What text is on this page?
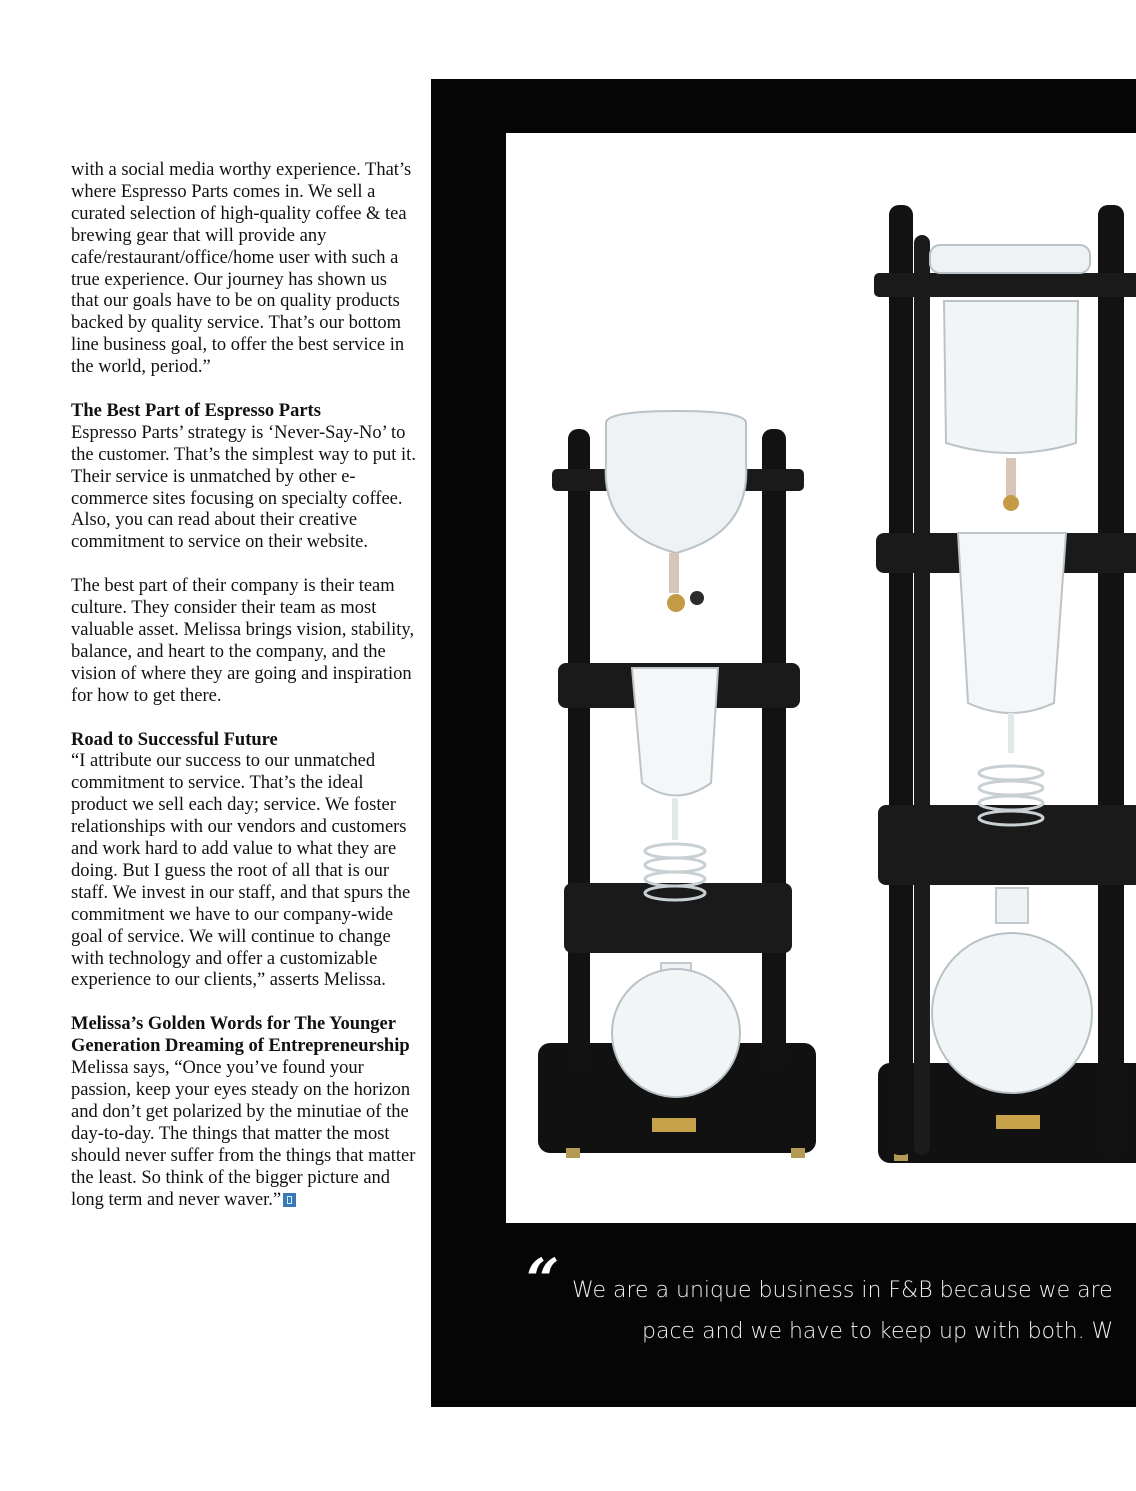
with a social media worthy experience. That’s where Espresso Parts comes in. We sell a curated selection of high-quality coffee & tea brewing gear that will provide any cafe/restaurant/office/home user with such a true experience. Our journey has shown us that our goals have to be on quality products backed by quality service. That’s our bottom line business goal, to offer the best service in the world, period.”

The Best Part of Espresso Parts
Espresso Parts’ strategy is ‘Never-Say-No’ to the customer. That’s the simplest way to put it. Their service is unmatched by other e-commerce sites focusing on specialty coffee. Also, you can read about their creative commitment to service on their website.

The best part of their company is their team culture. They consider their team as most valuable asset. Melissa brings vision, stability, balance, and heart to the company, and the vision of where they are going and inspiration for how to get there.

Road to Successful Future
“I attribute our success to our unmatched commitment to service. That’s the ideal product we sell each day; service. We foster relationships with our vendors and customers and work hard to add value to what they are doing. But I guess the root of all that is our staff. We invest in our staff, and that spurs the commitment we have to our company-wide goal of service. We will continue to change with technology and offer a customizable experience to our clients,” asserts Melissa.

Melissa’s Golden Words for The Younger Generation Dreaming of Entrepreneurship
Melissa says, “Once you’ve found your passion, keep your eyes steady on the horizon and don’t get polarized by the minutiae of the day-to-day. The things that matter the most should never suffer from the things that matter the least. So think of the bigger picture and long term and never waver.”

“ We are a unique business in F&B because we are
pace and we have to keep up with both. W
